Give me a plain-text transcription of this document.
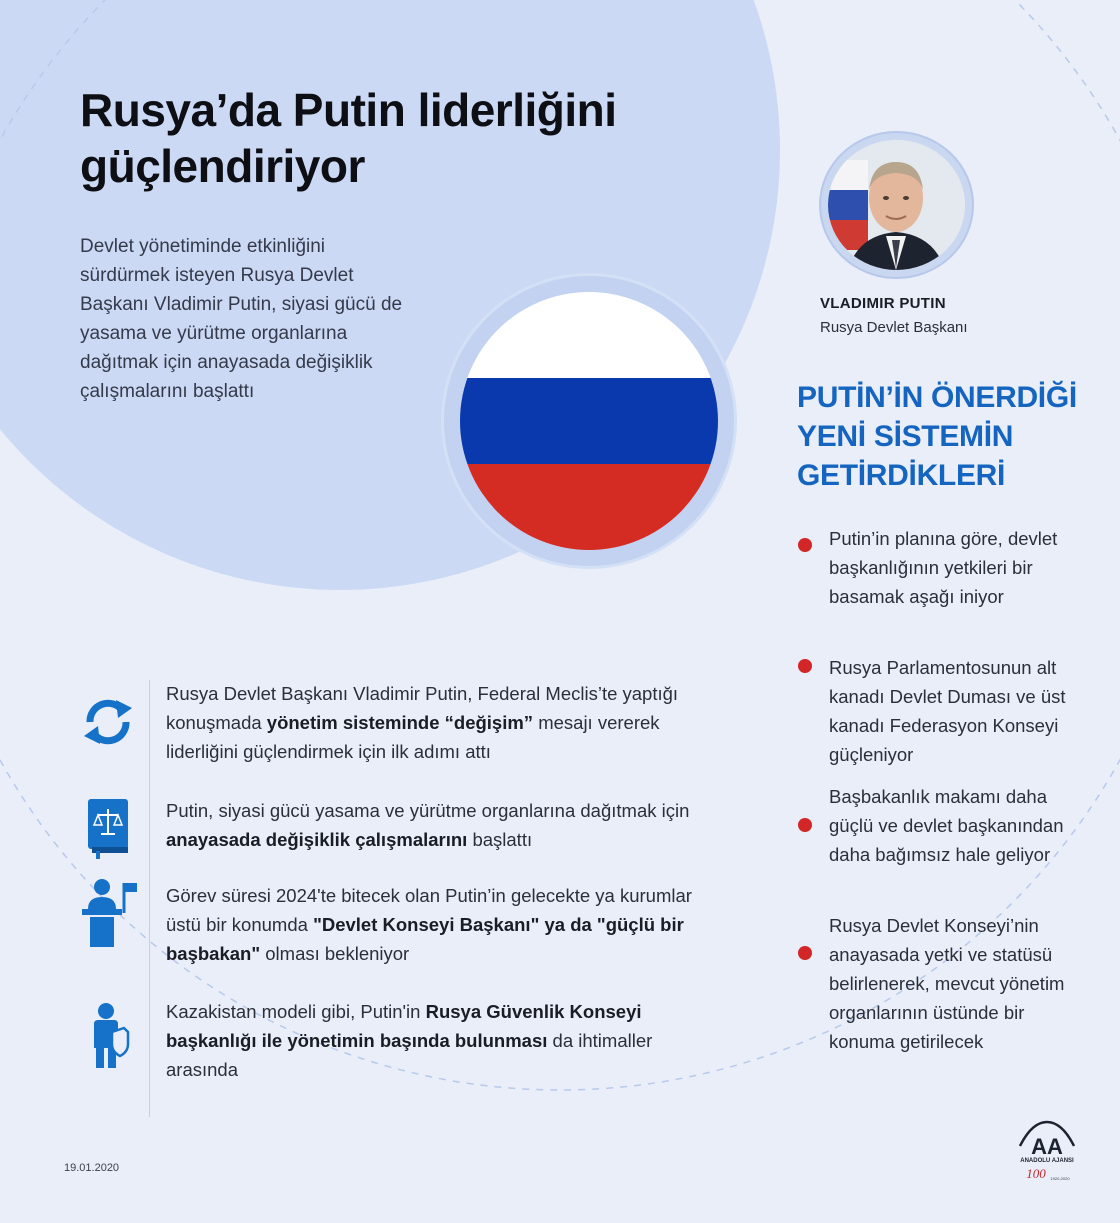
Rusya’da Putin liderliğini
güçlendiriyor
Devlet yönetiminde etkinliğini sürdürmek isteyen Rusya Devlet Başkanı Vladimir Putin, siyasi gücü de yasama ve yürütme organlarına dağıtmak için anayasada değişiklik çalışmalarını başlattı
VLADIMIR PUTIN
Rusya Devlet Başkanı
PUTİN’İN ÖNERDİĞİ
YENİ SİSTEMİN
GETİRDİKLERİ
Putin’in planına göre, devlet başkanlığının yetkileri bir basamak aşağı iniyor
Rusya Parlamentosunun alt kanadı Devlet Duması ve üst kanadı Federasyon Konseyi güçleniyor
Başbakanlık makamı daha güçlü ve devlet başkanından daha bağımsız hale geliyor
Rusya Devlet Konseyi’nin anayasada yetki ve statüsü belirlenerek, mevcut yönetim organlarının üstünde bir konuma getirilecek
Rusya Devlet Başkanı Vladimir Putin, Federal Meclis’te yaptığı konuşmada yönetim sisteminde “değişim” mesajı vererek liderliğini güçlendirmek için ilk adımı attı
Putin, siyasi gücü yasama ve yürütme organlarına dağıtmak için anayasada değişiklik çalışmalarını başlattı
Görev süresi 2024'te bitecek olan Putin’in gelecekte ya kurumlar üstü bir konumda "Devlet Konseyi Başkanı" ya da "güçlü bir başbakan" olması bekleniyor
Kazakistan modeli gibi, Putin'in Rusya Güvenlik Konseyi başkanlığı ile yönetimin başında bulunması da ihtimaller arasında
19.01.2020
AA
ANADOLU AJANSI
100 1920-2020
